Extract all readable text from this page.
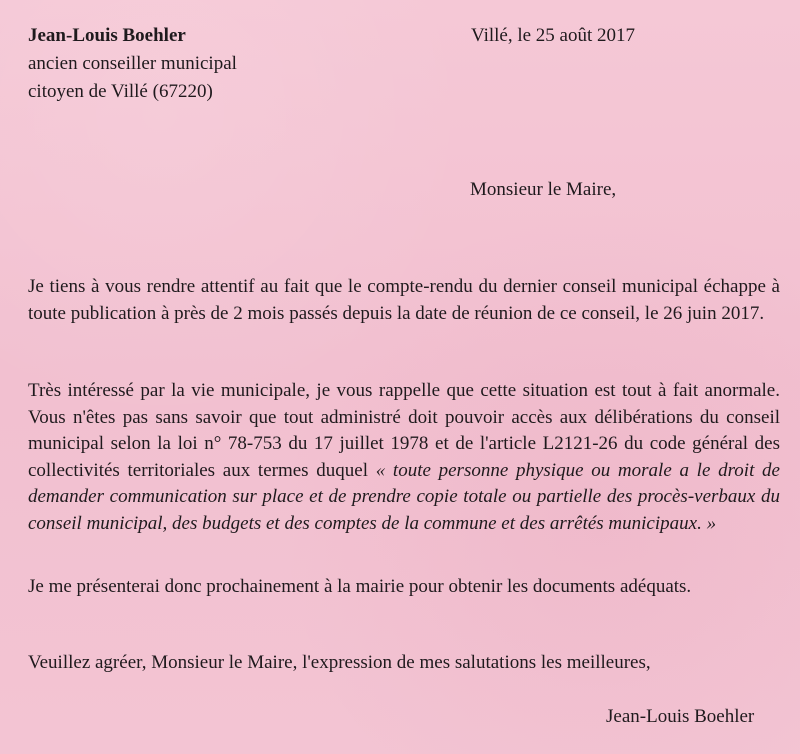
Jean-Louis Boehler
ancien conseiller municipal
citoyen de Villé (67220)
Villé, le 25 août 2017
Monsieur le Maire,
Je tiens à vous rendre attentif au fait que le compte-rendu du dernier conseil municipal échappe à toute publication à près de 2 mois passés depuis la date de réunion de ce conseil, le 26 juin 2017.
Très intéressé par la vie municipale, je vous rappelle que cette situation est tout à fait anormale. Vous n'êtes pas sans savoir que tout administré doit pouvoir accès aux délibérations du conseil municipal selon la loi n° 78-753 du 17 juillet 1978 et de l'article L2121-26 du code général des collectivités territoriales aux termes duquel « toute personne physique ou morale a le droit de demander communication sur place et de prendre copie totale ou partielle des procès-verbaux du conseil municipal, des budgets et des comptes de la commune et des arrêtés municipaux. »
Je me présenterai donc prochainement à la mairie pour obtenir les documents adéquats.
Veuillez agréer, Monsieur le Maire, l'expression de mes salutations les meilleures,
Jean-Louis Boehler
